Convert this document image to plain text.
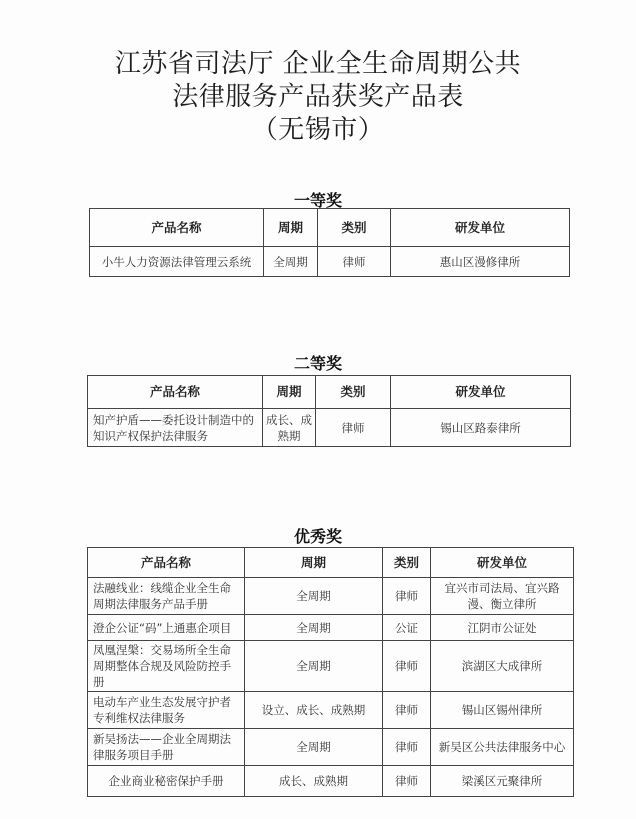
江苏省司法厅 企业全生命周期公共
法律服务产品获奖产品表
（无锡市）
一等奖
产品名称	周期	类别	研发单位
小牛人力资源法律管理云系统	全周期	律师	惠山区漫修律所
二等奖
产品名称	周期	类别	研发单位
知产护盾——委托设计制造中的知识产权保护法律服务	成长、成熟期	律师	锡山区路泰律所
优秀奖
产品名称	周期	类别	研发单位
法融线业：线缆企业全生命周期法律服务产品手册	全周期	律师	宜兴市司法局、宜兴路漫、衡立律所
澄企公证“码”上通惠企项目	全周期	公证	江阴市公证处
凤凰涅槃：交易场所全生命周期整体合规及风险防控手册	全周期	律师	滨湖区大成律所
电动车产业生态发展守护者专利维权法律服务	设立、成长、成熟期	律师	锡山区锡州律所
新吴扬法——企业全周期法律服务项目手册	全周期	律师	新吴区公共法律服务中心
企业商业秘密保护手册	成长、成熟期	律师	梁溪区元聚律所
